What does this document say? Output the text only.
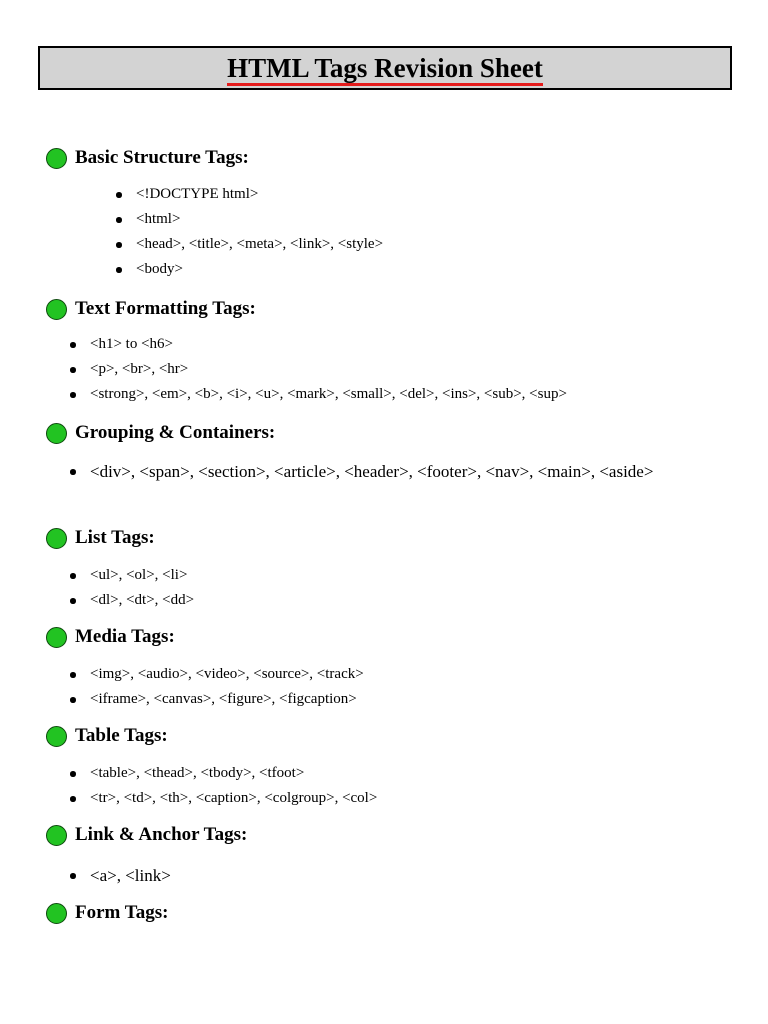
HTML Tags Revision Sheet
Basic Structure Tags:
<!DOCTYPE html>
<html>
<head>, <title>, <meta>, <link>, <style>
<body>
Text Formatting Tags:
<h1> to <h6>
<p>, <br>, <hr>
<strong>, <em>, <b>, <i>, <u>, <mark>, <small>, <del>, <ins>, <sub>, <sup>
Grouping & Containers:
<div>, <span>, <section>, <article>, <header>, <footer>, <nav>, <main>, <aside>
List Tags:
<ul>, <ol>, <li>
<dl>, <dt>, <dd>
Media Tags:
<img>, <audio>, <video>, <source>, <track>
<iframe>, <canvas>, <figure>, <figcaption>
Table Tags:
<table>, <thead>, <tbody>, <tfoot>
<tr>, <td>, <th>, <caption>, <colgroup>, <col>
Link & Anchor Tags:
<a>, <link>
Form Tags:
